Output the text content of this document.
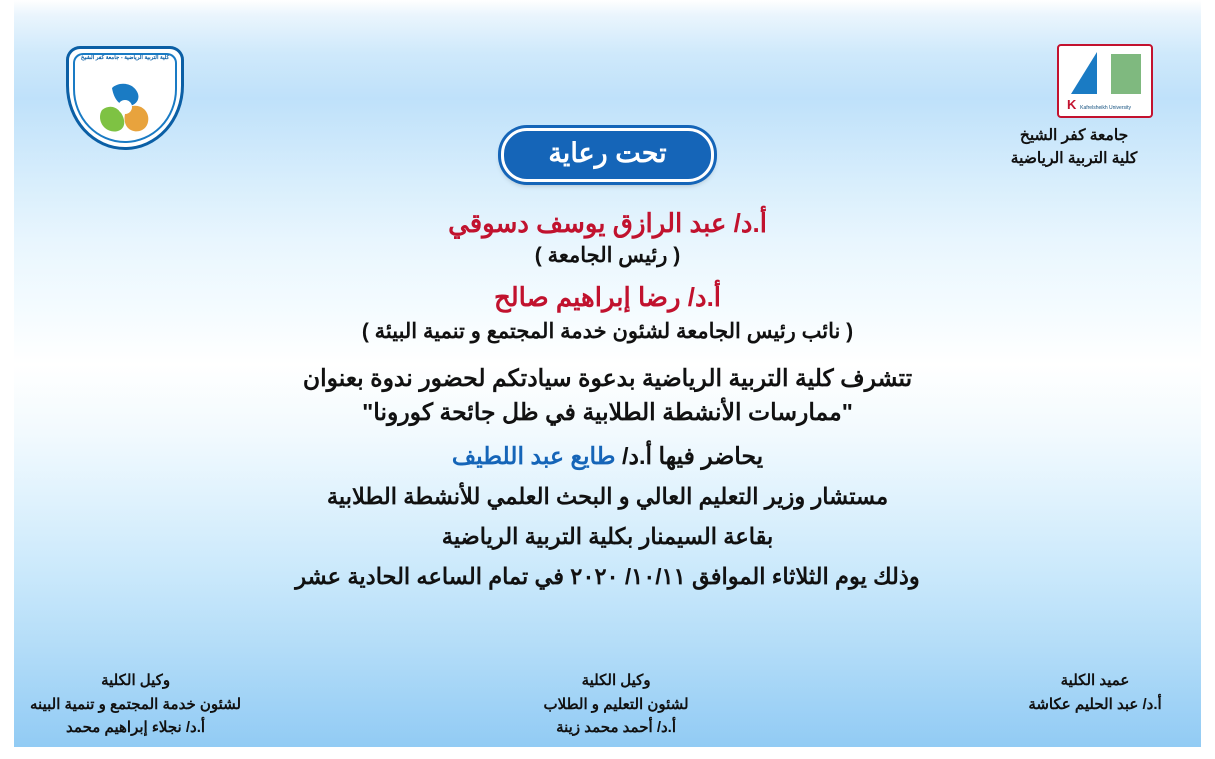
كلية التربية الرياضية - جامعة كفر الشيخ
K Kafrelsheikh University
جامعة كفر الشيخ
كلية التربية الرياضية
تحت رعاية
أ.د/ عبد الرازق يوسف دسوقي
( رئيس الجامعة )
أ.د/ رضا إبراهيم صالح
( نائب رئيس الجامعة لشئون خدمة المجتمع و تنمية البيئة )
تتشرف كلية التربية الرياضية بدعوة سيادتكم لحضور ندوة بعنوان
"ممارسات الأنشطة الطلابية في ظل جائحة كورونا"
يحاضر فيها أ.د/ طايع عبد اللطيف
مستشار وزير التعليم العالي و البحث العلمي للأنشطة الطلابية
بقاعة السيمنار بكلية التربية الرياضية
وذلك يوم الثلاثاء الموافق ١٠/١١/ ٢٠٢٠ في تمام الساعه الحادية عشر
وكيل الكلية
لشئون خدمة المجتمع و تنمية البينه
أ.د/ نجلاء إبراهيم محمد
وكيل الكلية
لشئون التعليم و الطلاب
أ.د/ أحمد محمد زينة
عميد الكلية
أ.د/ عبد الحليم عكاشة
